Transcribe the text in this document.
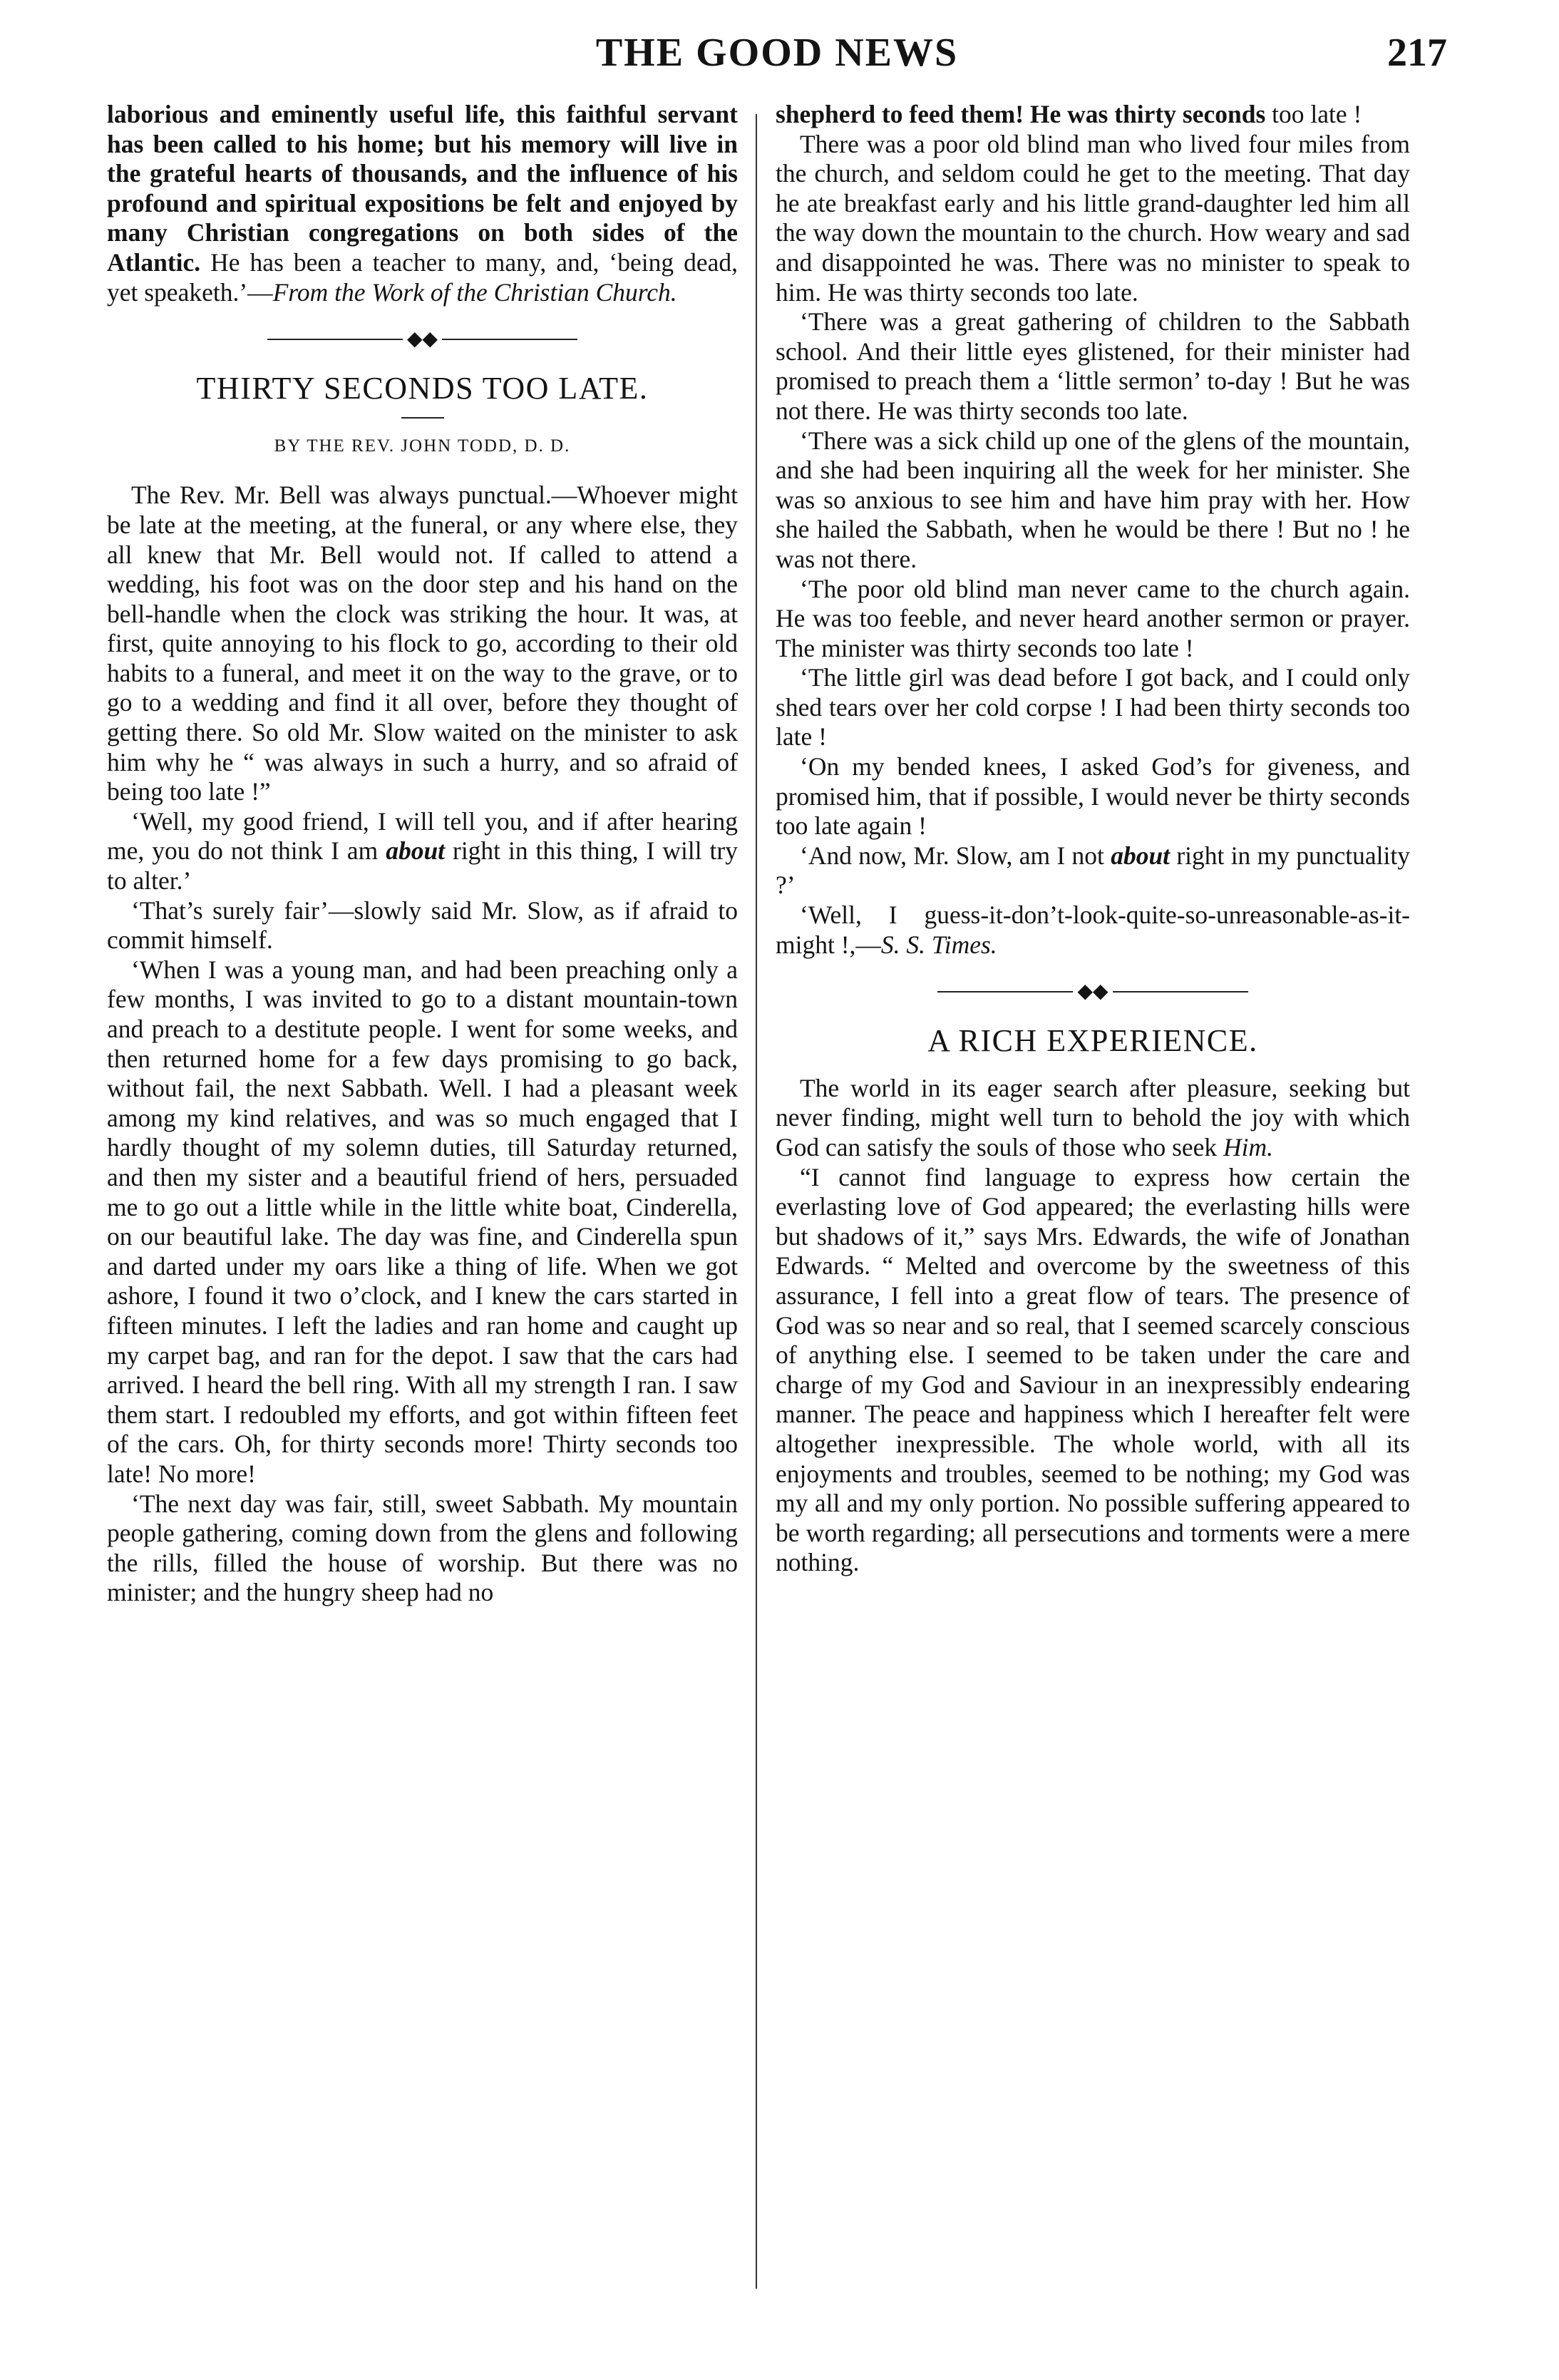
THE GOOD NEWS	217

laborious and eminently useful life, this faithful servant has been called to his home; but his memory will live in the grateful hearts of thousands, and the influence of his profound and spiritual expositions be felt and enjoyed by many Christian congregations on both sides of the Atlantic. He has been a teacher to many, and, ‘being dead, yet speaketh.’—From the Work of the Christian Church.

◆◆
THIRTY SECONDS TOO LATE.
BY THE REV. JOHN TODD, D. D.

The Rev. Mr. Bell was always punctual.—Whoever might be late at the meeting, at the funeral, or any where else, they all knew that Mr. Bell would not. If called to attend a wedding, his foot was on the door step and his hand on the bell-handle when the clock was striking the hour. It was, at first, quite annoying to his flock to go, according to their old habits to a funeral, and meet it on the way to the grave, or to go to a wedding and find it all over, before they thought of getting there. So old Mr. Slow waited on the minister to ask him why he “ was always in such a hurry, and so afraid of being too late !”

‘Well, my good friend, I will tell you, and if after hearing me, you do not think I am about right in this thing, I will try to alter.’

‘That’s surely fair’—slowly said Mr. Slow, as if afraid to commit himself.

‘When I was a young man, and had been preaching only a few months, I was invited to go to a distant mountain-town and preach to a destitute people. I went for some weeks, and then returned home for a few days promising to go back, without fail, the next Sabbath. Well. I had a pleasant week among my kind relatives, and was so much engaged that I hardly thought of my solemn duties, till Saturday returned, and then my sister and a beautiful friend of hers, persuaded me to go out a little while in the little white boat, Cinderella, on our beautiful lake. The day was fine, and Cinderella spun and darted under my oars like a thing of life. When we got ashore, I found it two o’clock, and I knew the cars started in fifteen minutes. I left the ladies and ran home and caught up my carpet bag, and ran for the depot. I saw that the cars had arrived. I heard the bell ring. With all my strength I ran. I saw them start. I redoubled my efforts, and got within fifteen feet of the cars. Oh, for thirty seconds more! Thirty seconds too late! No more!

‘The next day was fair, still, sweet Sabbath. My mountain people gathering, coming down from the glens and following the rills, filled the house of worship. But there was no minister; and the hungry sheep had no

shepherd to feed them! He was thirty seconds too late !

There was a poor old blind man who lived four miles from the church, and seldom could he get to the meeting. That day he ate breakfast early and his little grand-daughter led him all the way down the mountain to the church. How weary and sad and disappointed he was. There was no minister to speak to him. He was thirty seconds too late.

‘There was a great gathering of children to the Sabbath school. And their little eyes glistened, for their minister had promised to preach them a ‘little sermon’ to-day ! But he was not there. He was thirty seconds too late.

‘There was a sick child up one of the glens of the mountain, and she had been inquiring all the week for her minister. She was so anxious to see him and have him pray with her. How she hailed the Sabbath, when he would be there ! But no ! he was not there.

‘The poor old blind man never came to the church again. He was too feeble, and never heard another sermon or prayer. The minister was thirty seconds too late !

‘The little girl was dead before I got back, and I could only shed tears over her cold corpse ! I had been thirty seconds too late !

‘On my bended knees, I asked God’s for giveness, and promised him, that if possible, I would never be thirty seconds too late again !

‘And now, Mr. Slow, am I not about right in my punctuality ?’

‘Well, I guess-it-don’t-look-quite-so-unreasonable-as-it-might !,—S. S. Times.

◆◆
A RICH EXPERIENCE.

The world in its eager search after pleasure, seeking but never finding, might well turn to behold the joy with which God can satisfy the souls of those who seek Him.

“I cannot find language to express how certain the everlasting love of God appeared; the everlasting hills were but shadows of it,” says Mrs. Edwards, the wife of Jonathan Edwards. “ Melted and overcome by the sweetness of this assurance, I fell into a great flow of tears. The presence of God was so near and so real, that I seemed scarcely conscious of anything else. I seemed to be taken under the care and charge of my God and Saviour in an inexpressibly endearing manner. The peace and happiness which I hereafter felt were altogether inexpressible. The whole world, with all its enjoyments and troubles, seemed to be nothing; my God was my all and my only portion. No possible suffering appeared to be worth regarding; all persecutions and torments were a mere nothing.
